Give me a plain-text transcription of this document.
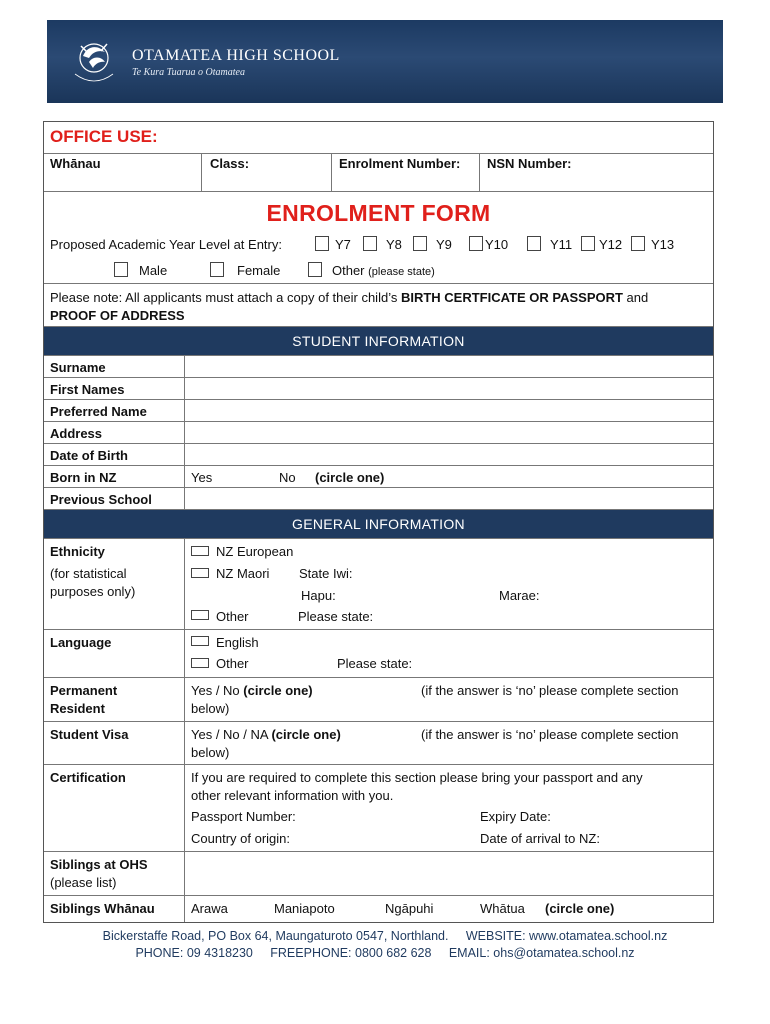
OTAMATEA HIGH SCHOOL
Te Kura Tuarua o Otamatea
OFFICE USE:
Whānau	Class:	Enrolment Number: NSN Number:
ENROLMENT FORM
Proposed Academic Year Level at Entry:	Y7	Y8	Y9	Y10	Y11 Y12 Y13
Male	Female	Other (please state)
Please note: All applicants must attach a copy of their child’s BIRTH CERTFICATE OR PASSPORT and
PROOF OF ADDRESS
STUDENT INFORMATION
Surname
First Names
Preferred Name
Address
Date of Birth
Born in NZ	Yes	No (circle one)
Previous School
GENERAL INFORMATION
Ethnicity
(for statistical
purposes only)
NZ European
NZ Maori State Iwi:
Hapu:	Marae:
Other	Please state:
Language	English
Other	Please state:
Permanent
Resident
Yes / No (circle one)	(if the answer is ‘no’ please complete section
below)
Student Visa	Yes / No / NA (circle one)	(if the answer is ‘no’ please complete section
below)
Certification	If you are required to complete this section please bring your passport and any
other relevant information with you.
Passport Number:	Expiry Date:
Country of origin:	Date of arrival to NZ:
Siblings at OHS
(please list)
Siblings Whānau	Arawa	Maniapoto	Ngāpuhi	Whātua (circle one)
Bickerstaffe Road, PO Box 64, Maungaturoto 0547, Northland. WEBSITE: www.otamatea.school.nz
PHONE: 09 4318230 FREEPHONE: 0800 682 628 EMAIL: ohs@otamatea.school.nz
